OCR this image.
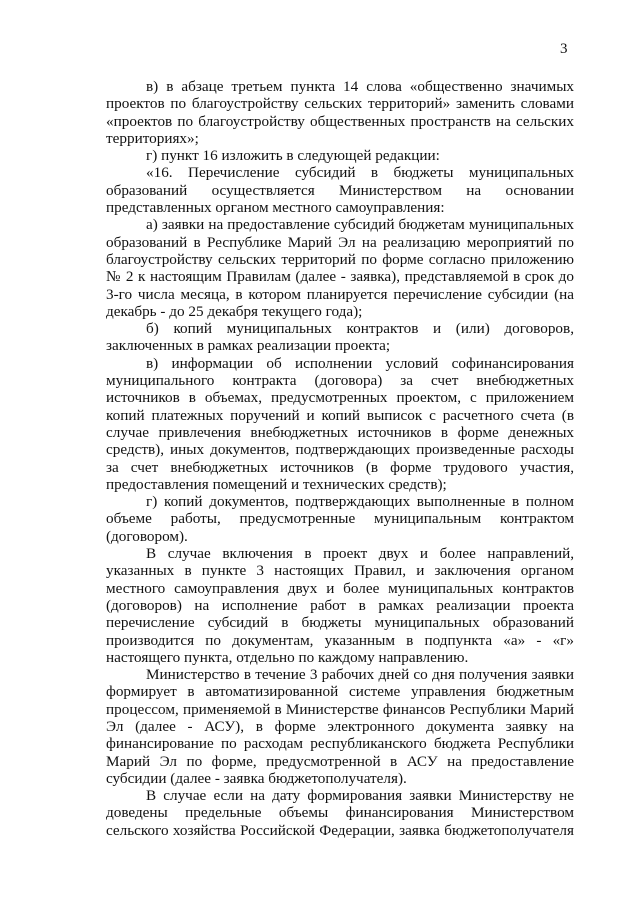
3

в) в абзаце третьем пункта 14 слова «общественно значимых проектов по благоустройству сельских территорий» заменить словами «проектов по благоустройству общественных пространств на сельских территориях»;

г) пункт 16 изложить в следующей редакции:

«16. Перечисление субсидий в бюджеты муниципальных образований осуществляется Министерством на основании представленных органом местного самоуправления:

а) заявки на предоставление субсидий бюджетам муниципальных образований в Республике Марий Эл на реализацию мероприятий по благоустройству сельских территорий по форме согласно приложению № 2 к настоящим Правилам (далее - заявка), представляемой в срок до 3-го числа месяца, в котором планируется перечисление субсидии (на декабрь - до 25 декабря текущего года);

б) копий муниципальных контрактов и (или) договоров, заключенных в рамках реализации проекта;

в) информации об исполнении условий софинансирования муниципального контракта (договора) за счет внебюджетных источников в объемах, предусмотренных проектом, с приложением копий платежных поручений и копий выписок с расчетного счета (в случае привлечения внебюджетных источников в форме денежных средств), иных документов, подтверждающих произведенные расходы за счет внебюджетных источников (в форме трудового участия, предоставления помещений и технических средств);

г) копий документов, подтверждающих выполненные в полном объеме работы, предусмотренные муниципальным контрактом (договором).

В случае включения в проект двух и более направлений, указанных в пункте 3 настоящих Правил, и заключения органом местного самоуправления двух и более муниципальных контрактов (договоров) на исполнение работ в рамках реализации проекта перечисление субсидий в бюджеты муниципальных образований производится по документам, указанным в подпункта «а» - «г» настоящего пункта, отдельно по каждому направлению.

Министерство в течение 3 рабочих дней со дня получения заявки формирует в автоматизированной системе управления бюджетным процессом, применяемой в Министерстве финансов Республики Марий Эл (далее - АСУ), в форме электронного документа заявку на финансирование по расходам республиканского бюджета Республики Марий Эл по форме, предусмотренной в АСУ на предоставление субсидии (далее - заявка бюджетополучателя).

В случае если на дату формирования заявки Министерству не доведены предельные объемы финансирования Министерством сельского хозяйства Российской Федерации, заявка бюджетополучателя
